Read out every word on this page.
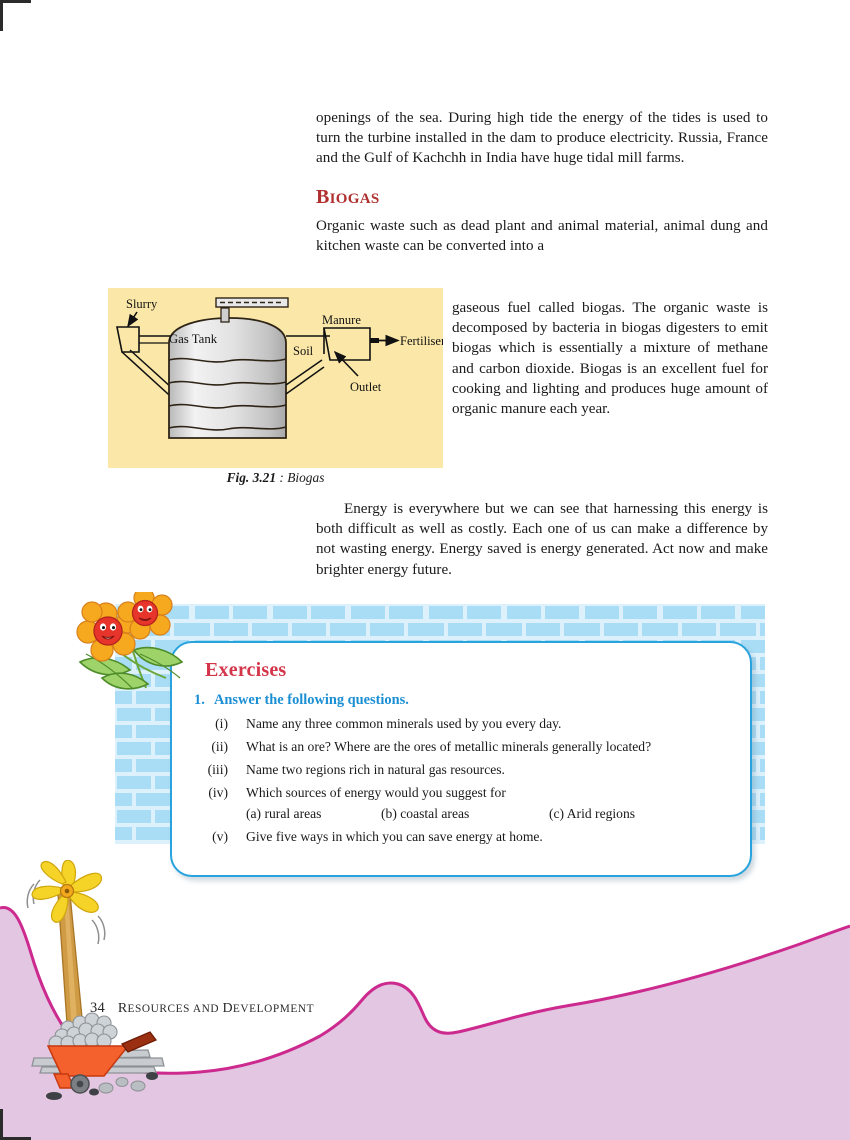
openings of the sea. During high tide the energy of the tides is used to turn the turbine installed in the dam to produce electricity. Russia, France and the Gulf of Kachchh in India have huge tidal mill farms.

BIOGAS

Organic waste such as dead plant and animal material, animal dung and kitchen waste can be converted into a

gaseous fuel called biogas. The organic waste is decomposed by bacteria in biogas digesters to emit biogas which is essentially a mixture of methane and carbon dioxide. Biogas is an excellent fuel for cooking and lighting and produces huge amount of organic manure each year.
Slurry
Gas Tank
Manure
Soil
Fertiliser
Outlet
Fig. 3.21 : Biogas
Energy is everywhere but we can see that harnessing this energy is both difficult as well as costly. Each one of us can make a difference by not wasting energy. Energy saved is energy generated. Act now and make brighter energy future.
Exercises
1. Answer the following questions.
(i) Name any three common minerals used by you every day.
(ii) What is an ore? Where are the ores of metallic minerals generally located?
(iii) Name two regions rich in natural gas resources.
(iv) Which sources of energy would you suggest for
(a) rural areas	(b) coastal areas	(c) Arid regions
(v) Give five ways in which you can save energy at home.
34 RESOURCES AND DEVELOPMENT
